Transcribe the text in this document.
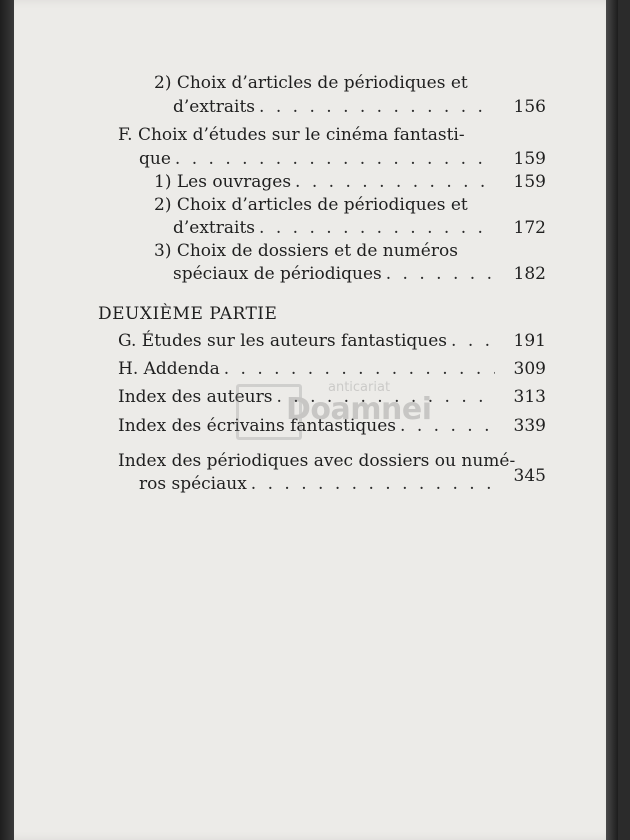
2) Choix d’articles de périodiques et
d’extraits . . .	156
F. Choix d’études sur le cinéma fantasti-
que . . .	159
1) Les ouvrages . . .	159
2) Choix d’articles de périodiques et
d’extraits . . .	172
3) Choix de dossiers et de numéros
spéciaux de périodiques . . .	182
DEUXIÈME PARTIE
G. Études sur les auteurs fantastiques . . .	191
H. Addenda . . .	309
Index des auteurs . . .	313
Index des écrivains fantastiques . . .	339
Index des périodiques avec dossiers ou numé-
ros spéciaux . . .	345
anticariat
Doamnei
